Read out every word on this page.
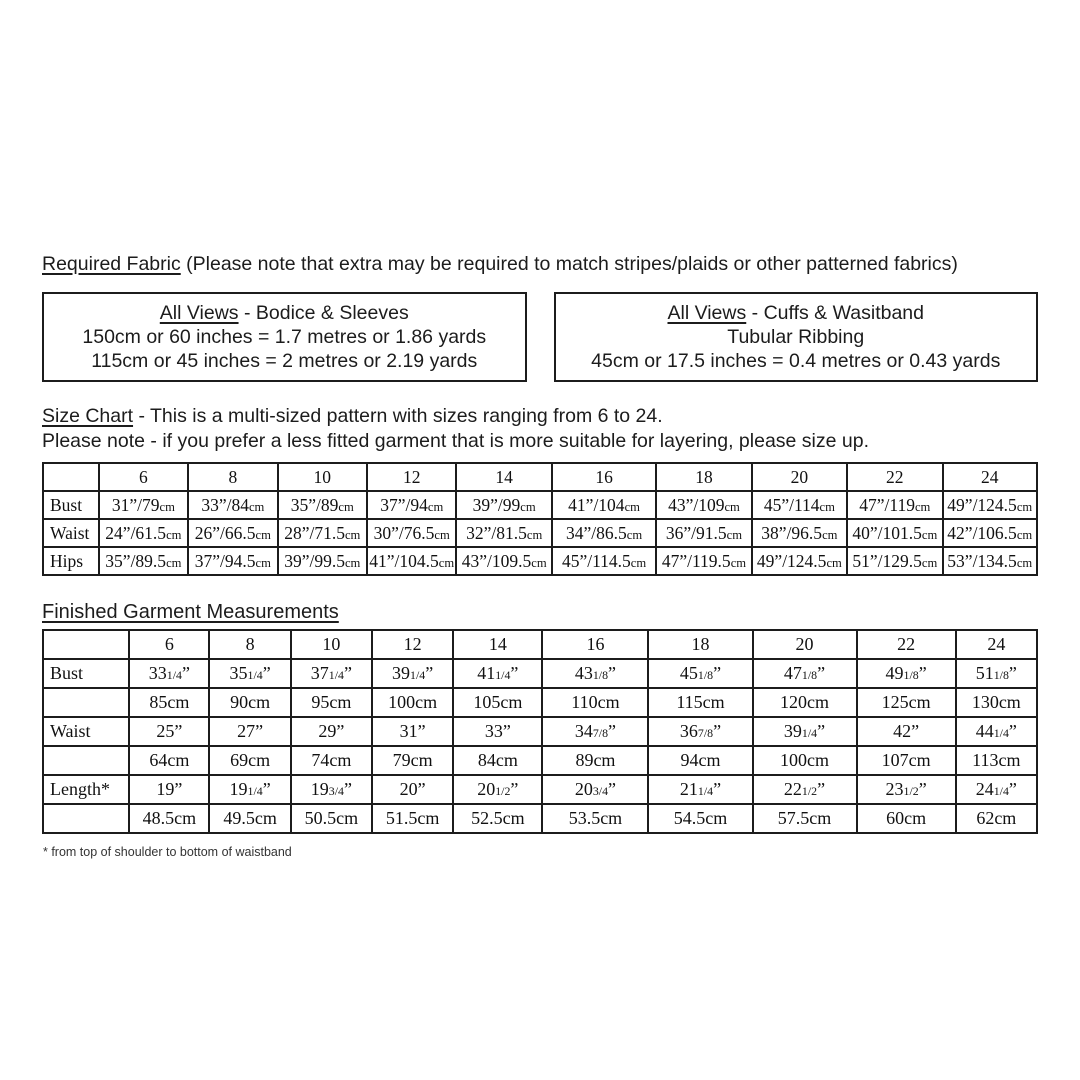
Required Fabric (Please note that extra may be required to match stripes/plaids or other patterned fabrics)

All Views - Bodice & Sleeves

150cm or 60 inches = 1.7 metres or 1.86 yards

115cm or 45 inches = 2 metres or 2.19 yards

All Views - Cuffs & Wasitband

Tubular Ribbing

45cm or 17.5 inches = 0.4 metres or 0.43 yards

Size Chart - This is a multi-sized pattern with sizes ranging from 6 to 24.

Please note - if you prefer a less fitted garment that is more suitable for layering, please size up.

	6	8	10	12	14	16	18	20	22	24
Bust	31”/79cm	33”/84cm	35”/89cm	37”/94cm	39”/99cm	41”/104cm	43”/109cm	45”/114cm	47”/119cm	49”/124.5cm
Waist	24”/61.5cm	26”/66.5cm	28”/71.5cm	30”/76.5cm	32”/81.5cm	34”/86.5cm	36”/91.5cm	38”/96.5cm	40”/101.5cm	42”/106.5cm
Hips	35”/89.5cm	37”/94.5cm	39”/99.5cm	41”/104.5cm	43”/109.5cm	45”/114.5cm	47”/119.5cm	49”/124.5cm	51”/129.5cm	53”/134.5cm

Finished Garment Measurements

	6	8	10	12	14	16	18	20	22	24
Bust	331/4”	351/4”	371/4”	391/4”	411/4”	431/8”	451/8”	471/8”	491/8”	511/8”
	85cm	90cm	95cm	100cm	105cm	110cm	115cm	120cm	125cm	130cm
Waist	25”	27”	29”	31”	33”	347/8”	367/8”	391/4”	42”	441/4”
	64cm	69cm	74cm	79cm	84cm	89cm	94cm	100cm	107cm	113cm
Length*	19”	191/4”	193/4”	20”	201/2”	203/4”	211/4”	221/2”	231/2”	241/4”
	48.5cm	49.5cm	50.5cm	51.5cm	52.5cm	53.5cm	54.5cm	57.5cm	60cm	62cm

* from top of shoulder to bottom of waistband
